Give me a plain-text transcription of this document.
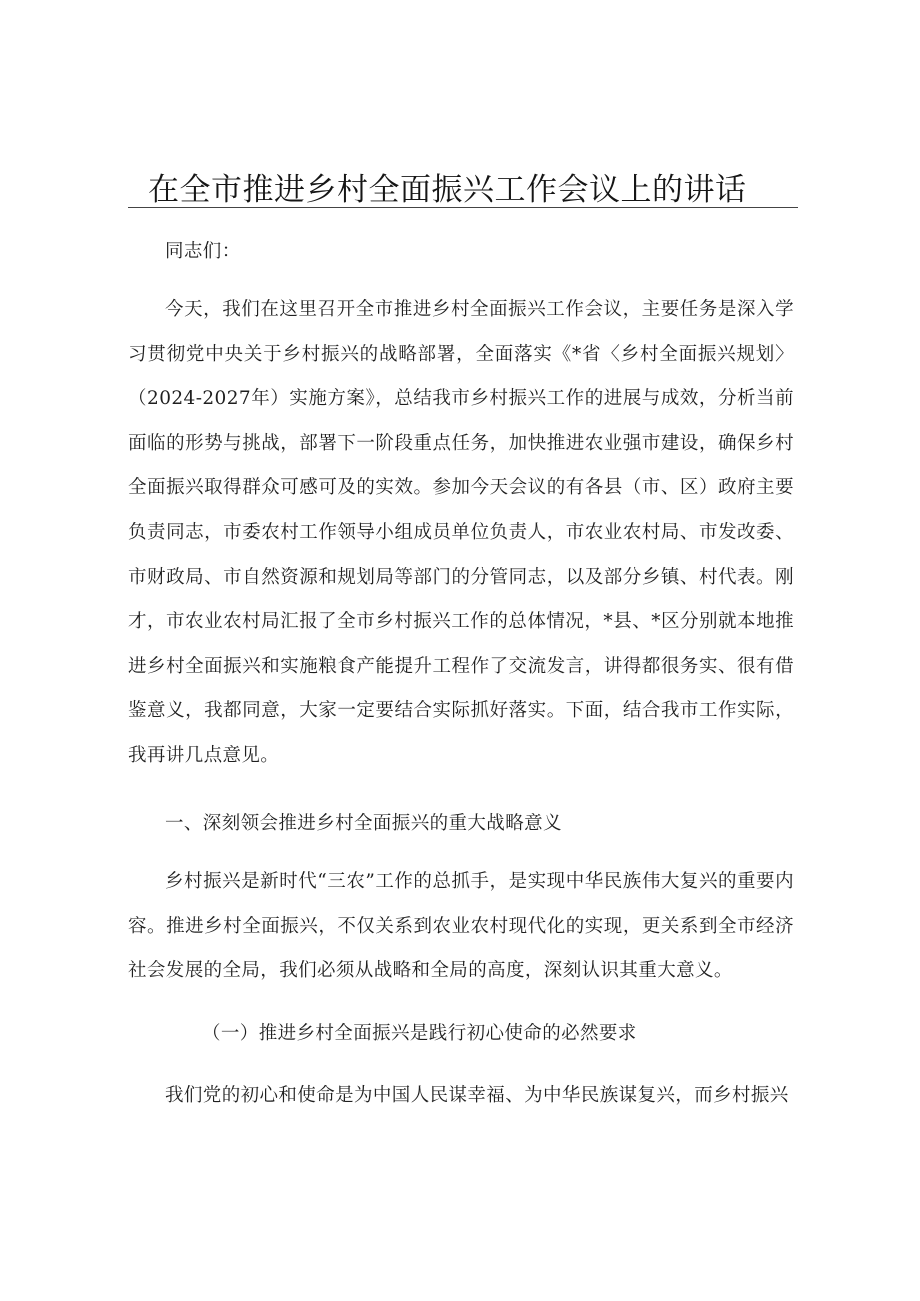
在全市推进乡村全面振兴工作会议上的讲话

同志们：

今天，我们在这里召开全市推进乡村全面振兴工作会议，主要任务是深入学习贯彻党中央关于乡村振兴的战略部署，全面落实《*省〈乡村全面振兴规划〉（2024-2027年）实施方案》，总结我市乡村振兴工作的进展与成效，分析当前面临的形势与挑战，部署下一阶段重点任务，加快推进农业强市建设，确保乡村全面振兴取得群众可感可及的实效。参加今天会议的有各县（市、区）政府主要负责同志，市委农村工作领导小组成员单位负责人，市农业农村局、市发改委、市财政局、市自然资源和规划局等部门的分管同志，以及部分乡镇、村代表。刚才，市农业农村局汇报了全市乡村振兴工作的总体情况，*县、*区分别就本地推进乡村全面振兴和实施粮食产能提升工程作了交流发言，讲得都很务实、很有借鉴意义，我都同意，大家一定要结合实际抓好落实。下面，结合我市工作实际，我再讲几点意见。

一、深刻领会推进乡村全面振兴的重大战略意义

乡村振兴是新时代“三农”工作的总抓手，是实现中华民族伟大复兴的重要内容。推进乡村全面振兴，不仅关系到农业农村现代化的实现，更关系到全市经济社会发展的全局，我们必须从战略和全局的高度，深刻认识其重大意义。

（一）推进乡村全面振兴是践行初心使命的必然要求

我们党的初心和使命是为中国人民谋幸福、为中华民族谋复兴，而乡村振兴
